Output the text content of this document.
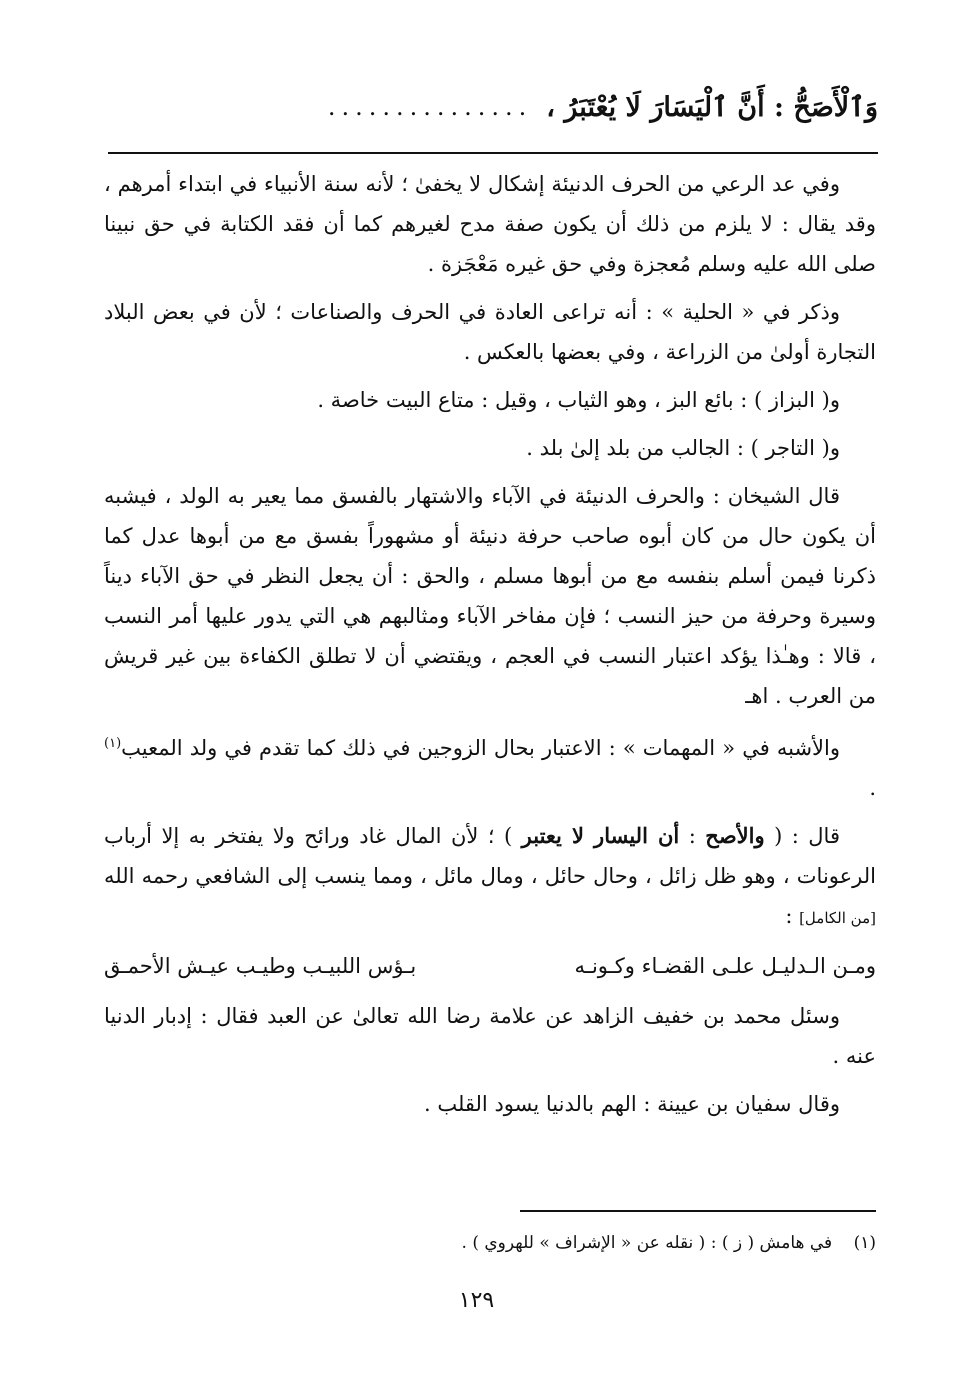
وَٱلْأَصَحُّ : أَنَّ ٱلْيَسَارَ لَا يُعْتَبَرُ ،
...............

وفي عد الرعي من الحرف الدنيئة إشكال لا يخفىٰ ؛ لأنه سنة الأنبياء في ابتداء أمرهم ، وقد يقال : لا يلزم من ذلك أن يكون صفة مدح لغيرهم كما أن فقد الكتابة في حق نبينا صلى الله عليه وسلم مُعجزة وفي حق غيره مَعْجَزة .

وذكر في « الحلية » : أنه تراعى العادة في الحرف والصناعات ؛ لأن في بعض البلاد التجارة أولىٰ من الزراعة ، وفي بعضها بالعكس .

و( البزاز ) : بائع البز ، وهو الثياب ، وقيل : متاع البيت خاصة .

و( التاجر ) : الجالب من بلد إلىٰ بلد .

قال الشيخان : والحرف الدنيئة في الآباء والاشتهار بالفسق مما يعير به الولد ، فيشبه أن يكون حال من كان أبوه صاحب حرفة دنيئة أو مشهوراً بفسق مع من أبوها عدل كما ذكرنا فيمن أسلم بنفسه مع من أبوها مسلم ، والحق : أن يجعل النظر في حق الآباء ديناً وسيرة وحرفة من حيز النسب ؛ فإن مفاخر الآباء ومثالبهم هي التي يدور عليها أمر النسب ، قالا : وهـٰذا يؤكد اعتبار النسب في العجم ، ويقتضي أن لا تطلق الكفاءة بين غير قريش من العرب . اهـ

والأشبه في « المهمات » : الاعتبار بحال الزوجين في ذلك كما تقدم في ولد المعيب$^{(١)}$ .

قال : ( والأصح : أن اليسار لا يعتبر ) ؛ لأن المال غاد ورائح ولا يفتخر به إلا أرباب الرعونات ، وهو ظل زائل ، وحال حائل ، ومال مائل ، ومما ينسب إلى الشافعي رحمه الله [من الكامل] :

ومـن الـدليـل علـى القضـاء وكـونـه
بـؤس اللبيـب وطيـب عيـش الأحمـق

وسئل محمد بن خفيف الزاهد عن علامة رضا الله تعالىٰ عن العبد فقال : إدبار الدنيا عنه .

وقال سفيان بن عيينة : الهم بالدنيا يسود القلب .

(١) في هامش ( ز ) : ( نقله عن « الإشراف » للهروي ) .
١٢٩
